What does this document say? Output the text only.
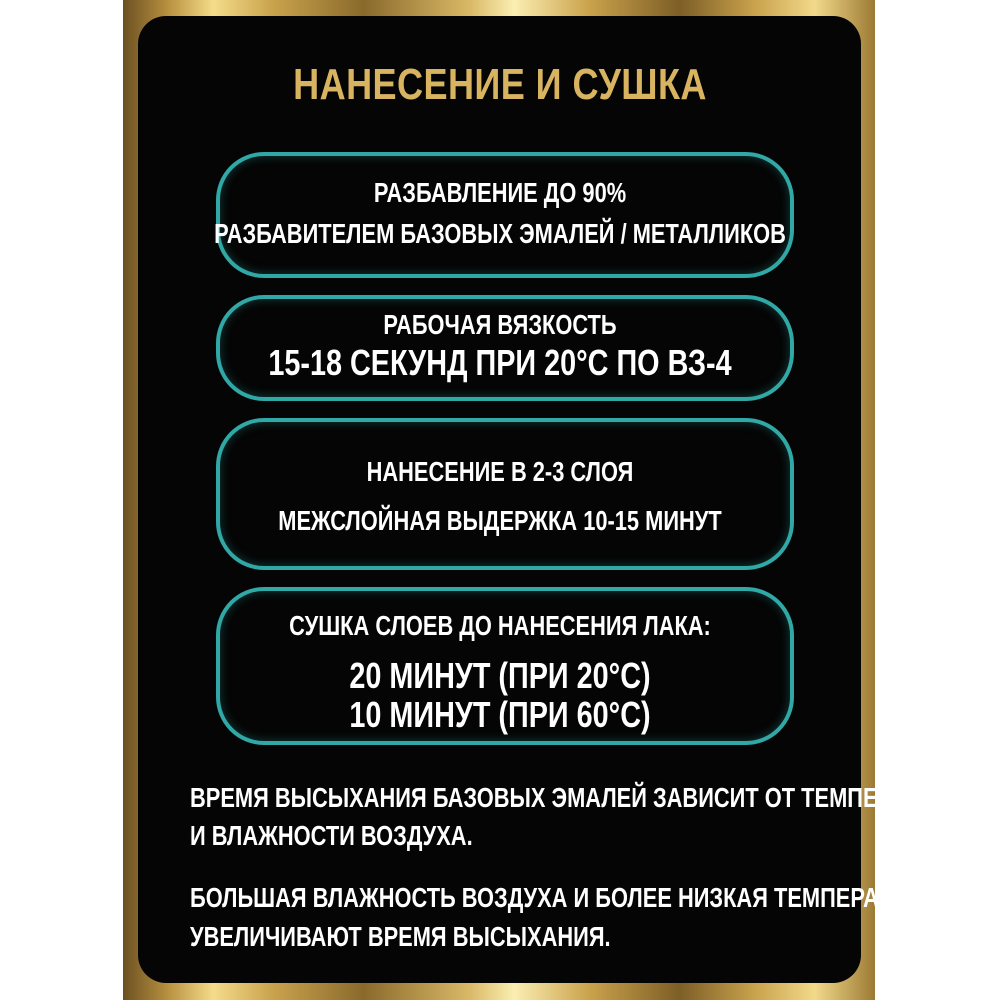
НАНЕСЕНИЕ И СУШКА
РАЗБАВЛЕНИЕ ДО 90%
РАЗБАВИТЕЛЕМ БАЗОВЫХ ЭМАЛЕЙ / МЕТАЛЛИКОВ
РАБОЧАЯ ВЯЗКОСТЬ
15-18 СЕКУНД ПРИ 20°С ПО ВЗ-4
НАНЕСЕНИЕ В 2-3 СЛОЯ
МЕЖСЛОЙНАЯ ВЫДЕРЖКА 10-15 МИНУТ
СУШКА СЛОЕВ ДО НАНЕСЕНИЯ ЛАКА:
20 МИНУТ (ПРИ 20°С)
10 МИНУТ (ПРИ 60°С)
ВРЕМЯ ВЫСЫХАНИЯ БАЗОВЫХ ЭМАЛЕЙ ЗАВИСИТ ОТ ТЕМПЕРАТУРЫ
И ВЛАЖНОСТИ ВОЗДУХА.
БОЛЬШАЯ ВЛАЖНОСТЬ ВОЗДУХА И БОЛЕЕ НИЗКАЯ ТЕМПЕРАТУРА
УВЕЛИЧИВАЮТ ВРЕМЯ ВЫСЫХАНИЯ.
